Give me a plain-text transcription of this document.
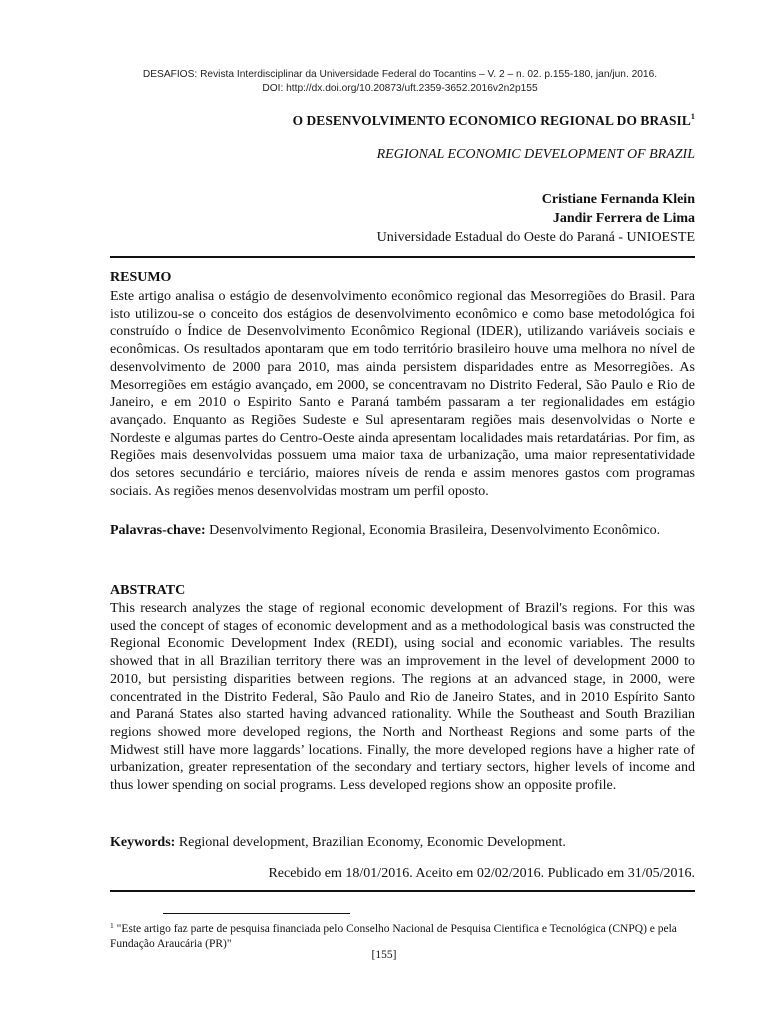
DESAFIOS: Revista Interdisciplinar da Universidade Federal do Tocantins – V. 2 – n. 02. p.155-180, jan/jun. 2016.
DOI: http://dx.doi.org/10.20873/uft.2359-3652.2016v2n2p155
O DESENVOLVIMENTO ECONOMICO REGIONAL DO BRASIL$^1$
REGIONAL ECONOMIC DEVELOPMENT OF BRAZIL
Cristiane Fernanda Klein
Jandir Ferrera de Lima
Universidade Estadual do Oeste do Paraná - UNIOESTE
RESUMO
Este artigo analisa o estágio de desenvolvimento econômico regional das Mesorregiões do Brasil. Para isto utilizou-se o conceito dos estágios de desenvolvimento econômico e como base metodológica foi construído o Índice de Desenvolvimento Econômico Regional (IDER), utilizando variáveis sociais e econômicas. Os resultados apontaram que em todo território brasileiro houve uma melhora no nível de desenvolvimento de 2000 para 2010, mas ainda persistem disparidades entre as Mesorregiões. As Mesorregiões em estágio avançado, em 2000, se concentravam no Distrito Federal, São Paulo e Rio de Janeiro, e em 2010 o Espirito Santo e Paraná também passaram a ter regionalidades em estágio avançado. Enquanto as Regiões Sudeste e Sul apresentaram regiões mais desenvolvidas o Norte e Nordeste e algumas partes do Centro-Oeste ainda apresentam localidades mais retardatárias. Por fim, as Regiões mais desenvolvidas possuem uma maior taxa de urbanização, uma maior representatividade dos setores secundário e terciário, maiores níveis de renda e assim menores gastos com programas sociais. As regiões menos desenvolvidas mostram um perfil oposto.
Palavras-chave: Desenvolvimento Regional, Economia Brasileira, Desenvolvimento Econômico.
ABSTRATC
This research analyzes the stage of regional economic development of Brazil's regions. For this was used the concept of stages of economic development and as a methodological basis was constructed the Regional Economic Development Index (REDI), using social and economic variables. The results showed that in all Brazilian territory there was an improvement in the level of development 2000 to 2010, but persisting disparities between regions. The regions at an advanced stage, in 2000, were concentrated in the Distrito Federal, São Paulo and Rio de Janeiro States, and in 2010 Espírito Santo and Paraná States also started having advanced rationality. While the Southeast and South Brazilian regions showed more developed regions, the North and Northeast Regions and some parts of the Midwest still have more laggards’ locations. Finally, the more developed regions have a higher rate of urbanization, greater representation of the secondary and tertiary sectors, higher levels of income and thus lower spending on social programs. Less developed regions show an opposite profile.
Keywords: Regional development, Brazilian Economy, Economic Development.
Recebido em 18/01/2016. Aceito em 02/02/2016. Publicado em 31/05/2016.
$^1$ "Este artigo faz parte de pesquisa financiada pelo Conselho Nacional de Pesquisa Cientifica e Tecnológica (CNPQ) e pela Fundação Araucária (PR)"
[155]
